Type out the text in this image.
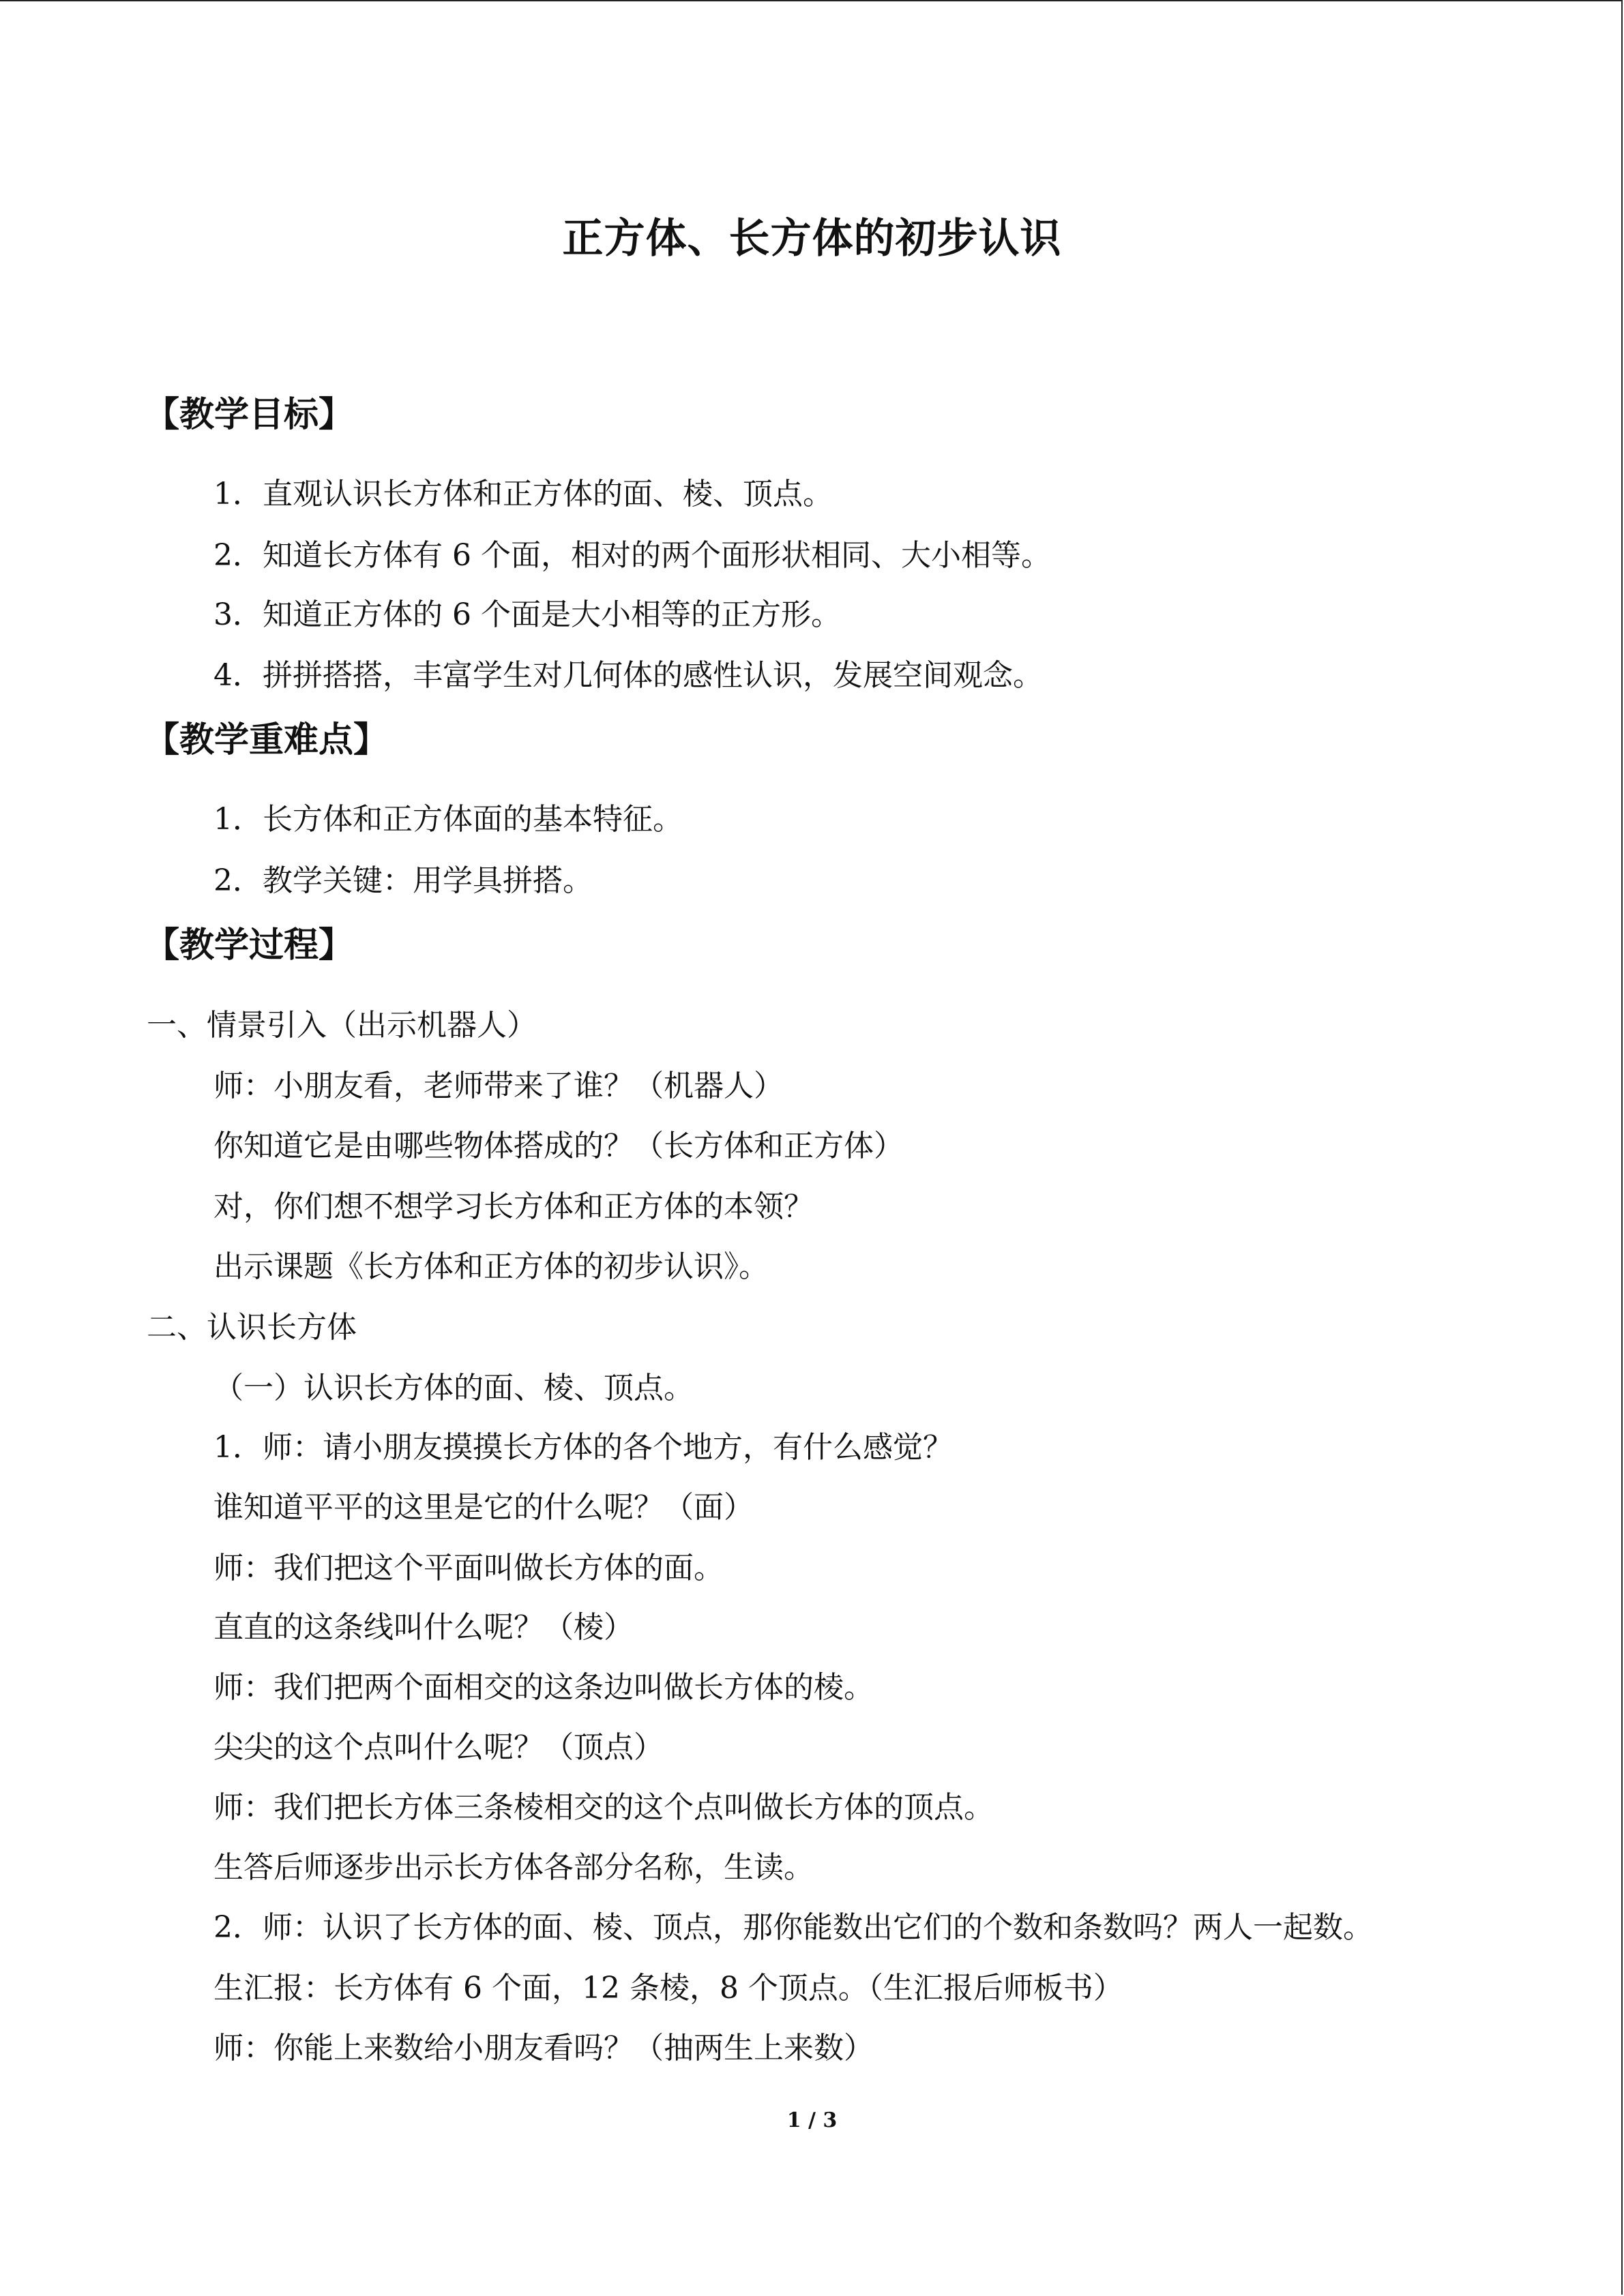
正方体、长方体的初步认识
【教学目标】
1．直观认识长方体和正方体的面、棱、顶点。
2．知道长方体有 6 个面，相对的两个面形状相同、大小相等。
3．知道正方体的 6 个面是大小相等的正方形。
4．拼拼搭搭，丰富学生对几何体的感性认识，发展空间观念。
【教学重难点】
1．长方体和正方体面的基本特征。
2．教学关键：用学具拼搭。
【教学过程】
一、情景引入（出示机器人）
师：小朋友看，老师带来了谁？（机器人）
你知道它是由哪些物体搭成的？（长方体和正方体）
对，你们想不想学习长方体和正方体的本领？
出示课题《长方体和正方体的初步认识》。
二、认识长方体
（一）认识长方体的面、棱、顶点。
1．师：请小朋友摸摸长方体的各个地方，有什么感觉？
谁知道平平的这里是它的什么呢？（面）
师：我们把这个平面叫做长方体的面。
直直的这条线叫什么呢？（棱）
师：我们把两个面相交的这条边叫做长方体的棱。
尖尖的这个点叫什么呢？（顶点）
师：我们把长方体三条棱相交的这个点叫做长方体的顶点。
生答后师逐步出示长方体各部分名称，生读。
2．师：认识了长方体的面、棱、顶点，那你能数出它们的个数和条数吗？两人一起数。
生汇报：长方体有 6 个面，12 条棱，8 个顶点。（生汇报后师板书）
师：你能上来数给小朋友看吗？（抽两生上来数）
1 / 3
